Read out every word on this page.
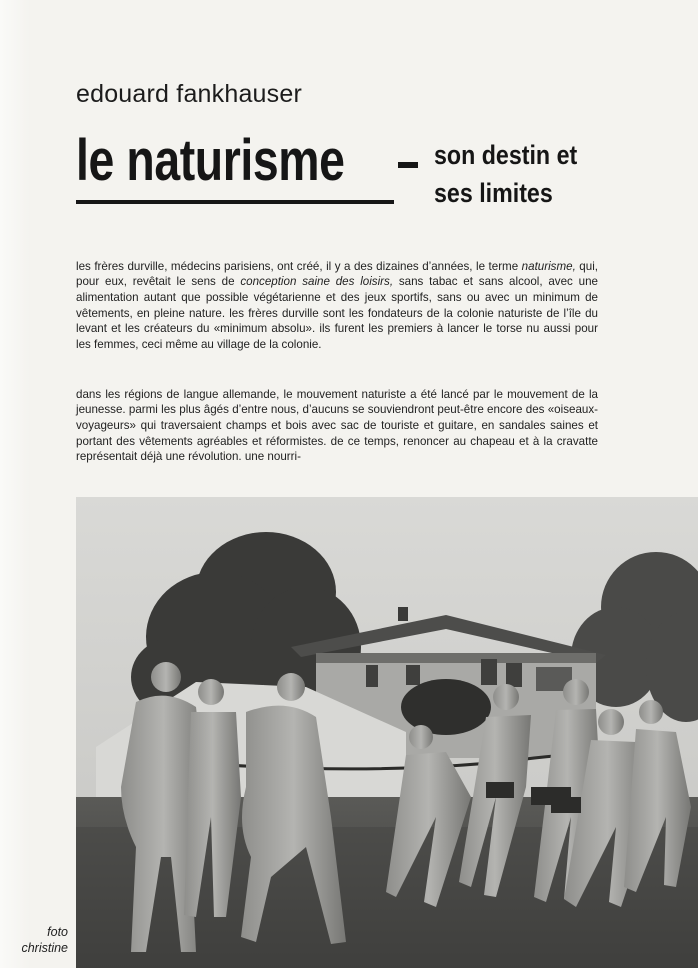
edouard fankhauser
le naturisme	son destin et
ses limites

les frères durville, médecins parisiens, ont créé, il y a des dizaines d’années, le terme naturisme, qui, pour eux, revêtait le sens de conception saine des loisirs, sans tabac et sans alcool, avec une alimentation autant que possible végétarienne et des jeux sportifs, sans ou avec un minimum de vêtements, en pleine nature. les frères durville sont les fondateurs de la colonie naturiste de l’île du levant et les créateurs du «minimum absolu». ils furent les premiers à lancer le torse nu aussi pour les femmes, ceci même au village de la colonie.

dans les régions de langue allemande, le mouvement naturiste a été lancé par le mouvement de la jeunesse. parmi les plus âgés d’entre nous, d’aucuns se souviendront peut-être encore des «oiseaux-voyageurs» qui traversaient champs et bois avec sac de touriste et guitare, en sandales saines et portant des vêtements agréables et réformistes. de ce temps, renoncer au chapeau et à la cravatte représentait déjà une révolution. une nourri-

foto
christine
